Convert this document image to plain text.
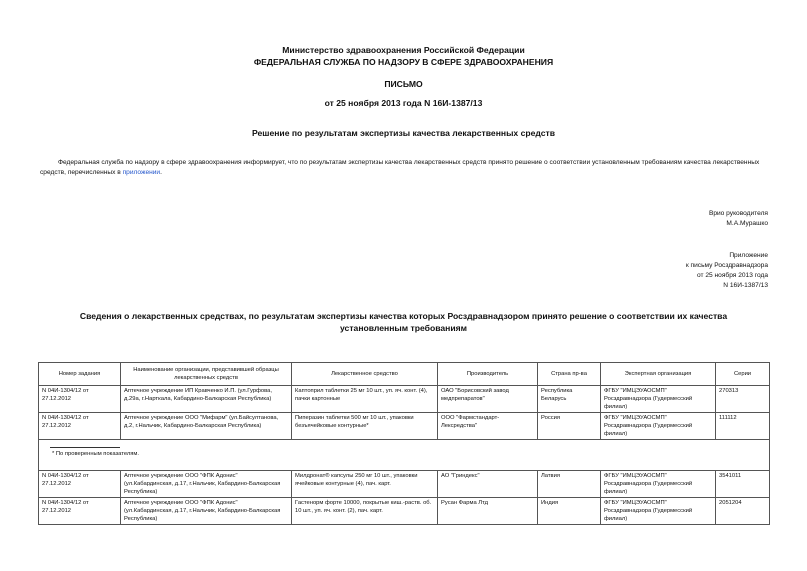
Министерство здравоохранения Российской Федерации
ФЕДЕРАЛЬНАЯ СЛУЖБА ПО НАДЗОРУ В СФЕРЕ ЗДРАВООХРАНЕНИЯ
ПИСЬМО
от 25 ноября 2013 года N 16И-1387/13
Решение по результатам экспертизы качества лекарственных средств
Федеральная служба по надзору в сфере здравоохранения информирует, что по результатам экспертизы качества лекарственных средств принято решение о соответствии установленным требованиям качества лекарственных средств, перечисленных в приложении.
Врио руководителя
М.А.Мурашко
Приложение
к письму Росздравнадзора
от 25 ноября 2013 года
N 16И-1387/13
Сведения о лекарственных средствах, по результатам экспертизы качества которых Росздравнадзором принято решение о соответствии их качества установленным требованиям
Номер задания	Наименование организации, представившей образцы лекарственных средств	Лекарственное средство	Производитель	Страна пр-ва	Экспертная организация	Серии
N 04И-1304/12 от 27.12.2012	Аптечное учреждение ИП Кравченко И.П. (ул.Гурфова, д.29а, г.Нарткала, Кабардино-Балкарская Республика)	Каптоприл таблетки 25 мг 10 шт., уп. яч. конт. (4), пачки картонные	ОАО "Борисовский завод медпрепаратов"	Республика Беларусь	ФГБУ "ИМЦЭУАОСМП" Росздравнадзора (Гудермесский филиал)	270313
N 04И-1304/12 от 27.12.2012	Аптечное учреждение ООО "Мифарм" (ул.Байсултанова, д.2, г.Нальчик, Кабардино-Балкарская Республика)	Пиперазин таблетки 500 мг 10 шт., упаковки безъячейковые контурные*	ООО "Фармстандарт-Лексредства"	Россия	ФГБУ "ИМЦЭУАОСМП" Росздравнадзора (Гудермесский филиал)	111112

* По проверенным показателям.						

N 04И-1304/12 от 27.12.2012	Аптечное учреждение ООО "ФПК Адонис" (ул.Кабардинская, д.17, г.Нальчик, Кабардино-Балкарская Республика)	Милдронат® капсулы 250 мг 10 шт., упаковки ячейковые контурные (4), пач. карт.	АО "Гриндекс"	Латвия	ФГБУ "ИМЦЭУАОСМП" Росздравнадзора (Гудермесский филиал)	3541011
N 04И-1304/12 от 27.12.2012	Аптечное учреждение ООО "ФПК Адонис" (ул.Кабардинская, д.17, г.Нальчик, Кабардино-Балкарская Республика)	Гастенорм форте 10000, покрытые киш.-раств. об. 10 шт., уп. яч. конт. (2), пач. карт.	Русан Фарма Лтд	Индия	ФГБУ "ИМЦЭУАОСМП" Росздравнадзора (Гудермесский филиал)	2051204
